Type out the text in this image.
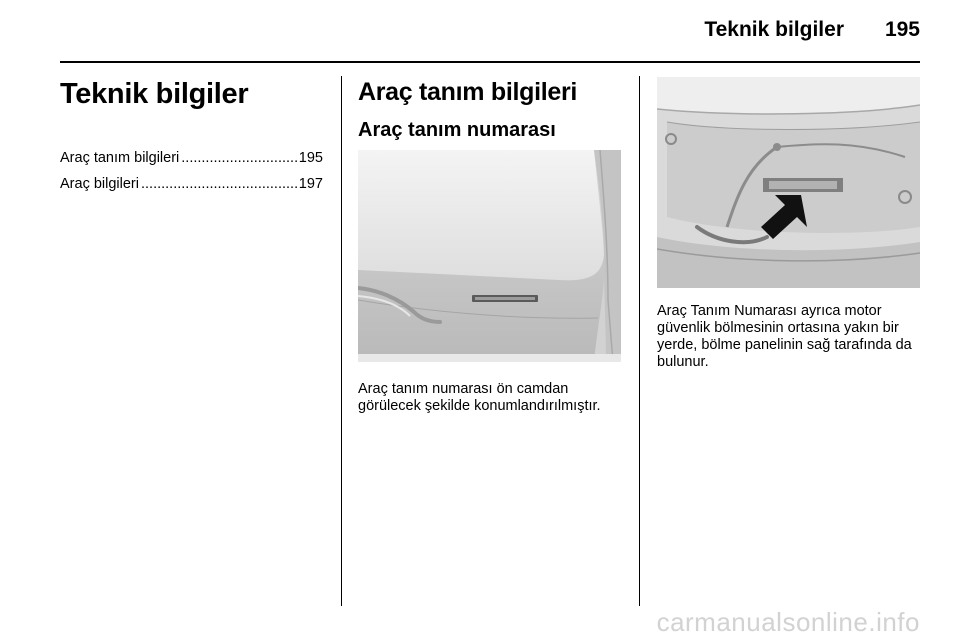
Teknik bilgiler 195
Teknik bilgiler
Araç tanım bilgileri .....	195
Araç bilgileri .....	197
Araç tanım bilgileri
Araç tanım numarası
Araç tanım numarası ön camdan görülecek şekilde konumlandırılmıştır.
Araç Tanım Numarası ayrıca motor güvenlik bölmesinin ortasına yakın bir yerde, bölme panelinin sağ tarafında da bulunur.
carmanualsonline.info
